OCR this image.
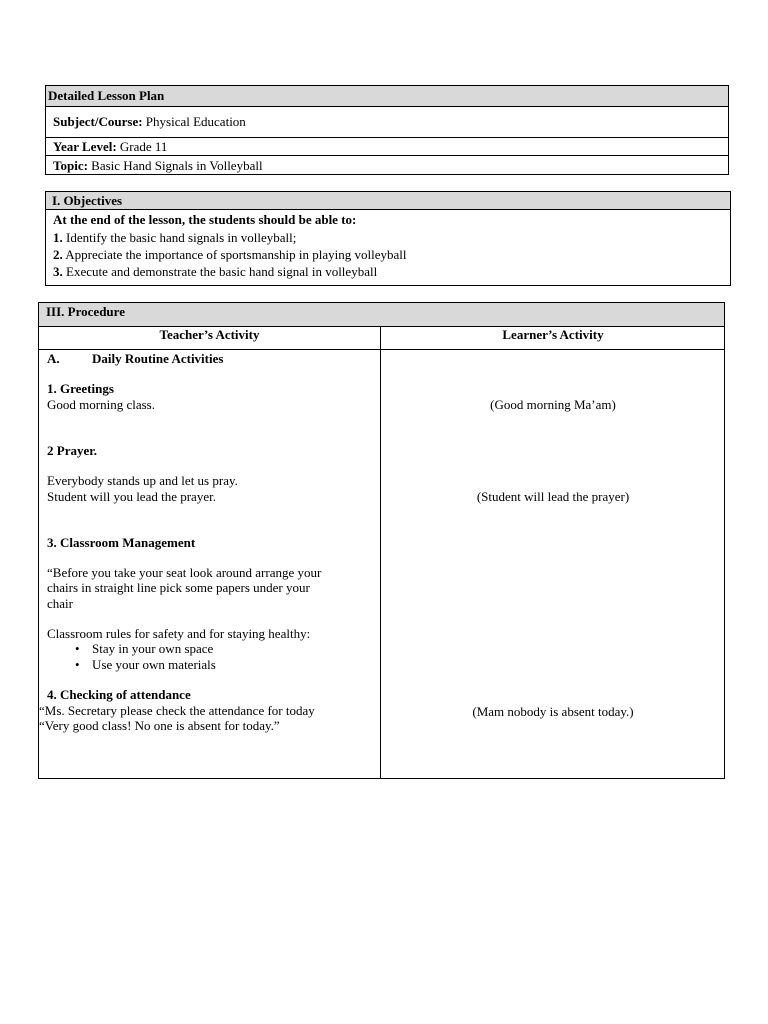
Detailed Lesson Plan
Subject/Course: Physical Education
Year Level: Grade 11
Topic: Basic Hand Signals in Volleyball
I. Objectives
At the end of the lesson, the students should be able to:
1. Identify the basic hand signals in volleyball;
2. Appreciate the importance of sportsmanship in playing volleyball
3. Execute and demonstrate the basic hand signal in volleyball
III. Procedure
Teacher’s Activity	Learner’s Activity
A. Daily Routine Activities
1. Greetings
Good morning class.
2 Prayer.
Everybody stands up and let us pray.
Student will you lead the prayer.
3. Classroom Management
“Before you take your seat look around arrange your
chairs in straight line pick some papers under your
chair
Classroom rules for safety and for staying healthy:
• Stay in your own space
• Use your own materials
4. Checking of attendance
“Ms. Secretary please check the attendance for today
“Very good class! No one is absent for today.”
(Good morning Ma’am)
(Student will lead the prayer)
(Mam nobody is absent today.)
